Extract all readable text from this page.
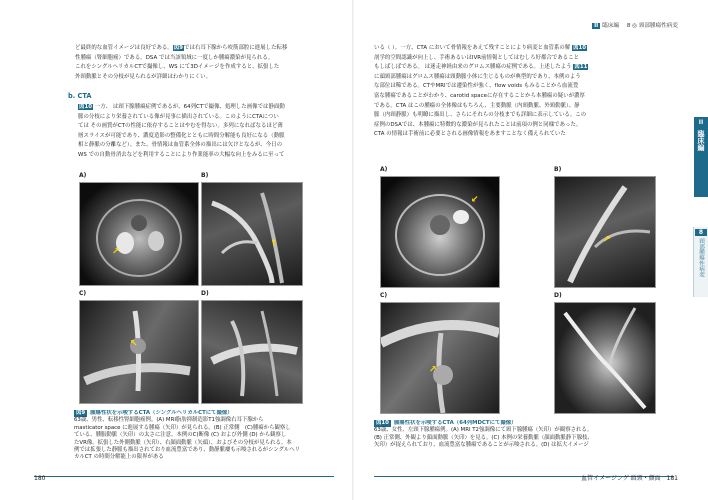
ど最終的な血管イメージは良好である。図9では右耳下腺から咬筋部腔に進展した転移
性腫瘍（腎細胞癌）である。DSA では当該領域に一度しか腫瘍濃染が見られる。
これをシングルヘリカルCTで撮像し、WS にて3Dイメージを作成すると、拡張した
外頸動脈とその分枝が見られるが詳細はわかりにくい。
b. CTA
図10 一方、 は頸下腺腫瘍症例であるが、64列CTで撮像、処理した画像では静面動
脈の分枝により栄養されている像が見事に描出されている。このようにCTAについ
ては その画質がCTの性能に依存することはやむを得ない。多列になればなるほど薄
層スライスが可能であり、濃度造影の整備化とともに時間分解能も良好になる（動脈
相と静脈の分離など）。また、骨情報は血管系全体の描出には欠けとなるが、今日の
WS での自動骨消去などを利用することにより作業能率の大幅な向上をみるに至って
A)
↗
B)
↑
C)
↖
D)
図9 腫瘍性状を示唆するCTA（シングルヘリカルCTにて撮像）
63歳、男性、転移性腎細胞癌例。(A) MRI脂肪抑制造影T1強調像右耳下腺から
masticator space に進展する腫瘍（矢印）が見られる。(B) 正常側　(C)腫瘍から観察し
ている、腫脹動脈（矢印）の太さに注意。本例のC)断像 (C) および外側 (D) から観察し
たVR像。拡張した外側動脈（矢印）、右顔面動脈（矢頭）、およびその分枝が見られる。本
例では拡張した静脈も描出されており血流豊富であり、動静脈瘻も示唆されるがシングルヘリ
カルCT の時間分解能上の限界がある
180
II 臨床編 8 ◎ 頸部腫瘍性病変
いる（ ）。一方、CTA において骨情報をあえて残すことにより病変と血管系の解 図10
剖学的空間認識が向上し、手術あるいはIVR前情報としてはむしろ好都合であること
もしばしばである。 は迷走神経由来のグロムス腫瘍の症例である。上述したよう 図11
に頭頸部腫瘍はグロムス腫瘍は頸動脈小体に生じるものが典型的であり、本例のよう
な部位は稀である。CTやMRIでは遷染性が強く、flow voids もみることから血流豊
富な腫瘍であることがわかり、carotid spaceに存在することから本腫瘍の疑いが濃厚
である。CTA はこの腫瘍の全体像はもちろん、主要動脈（内頸動脈、外頸動脈）、静
脈（内頸静脈）も明瞭に描出し、さらにそれらの分枝までも詳細に表示している。この
症例のDSAでは、本腫瘍に特徴的な濃染が見られたことは前項の例と同様であった。
CTA の情報は手術前に必要とされる画像情報をあますことなく備えられていた
A)
↙
B)
↗
C)
↗
D)
図10 腫瘍性状を示唆するCTA（64列MDCTにて撮像）
63歳、女性、左頸下腺腫瘍例。(A) MRI T2強調像にて頸下腺腫瘍（矢印）が観察される。
(B) 正常側、外観より顔面動脈（矢印）を見る。(C) 本例の栄養動脈（顔面動脈静下腺枝、
矢印）が捉えられており、血流豊富な腫瘍であることが示唆される。(D) は拡大イメージ
II
臨床編
8
頸部腫瘍性病変
血管イメージング 頭頸・顔面 181
